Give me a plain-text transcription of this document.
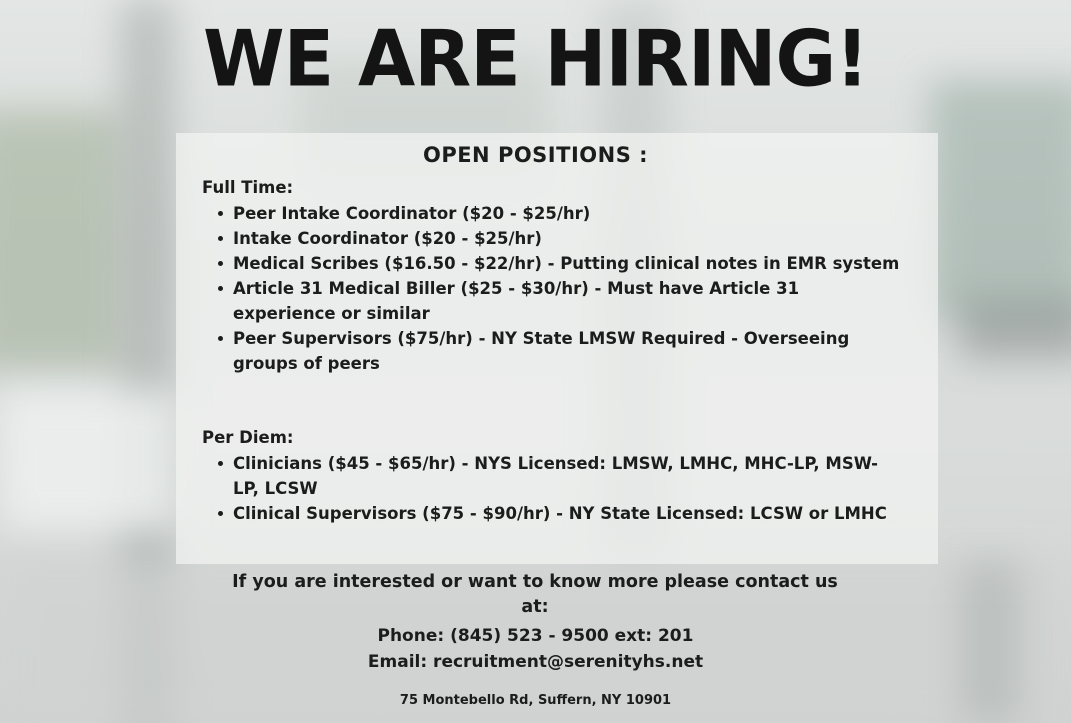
WE ARE HIRING!
OPEN POSITIONS :

Full Time:

Peer Intake Coordinator ($20 - $25/hr)
Intake Coordinator ($20 - $25/hr)
Medical Scribes ($16.50 - $22/hr) - Putting clinical notes in EMR system
Article 31 Medical Biller ($25 - $30/hr) - Must have Article 31 experience or similar
Peer Supervisors ($75/hr) - NY State LMSW Required - Overseeing groups of peers

Per Diem:

Clinicians ($45 - $65/hr) - NYS Licensed: LMSW, LMHC, MHC-LP, MSW-LP, LCSW
Clinical Supervisors ($75 - $90/hr) - NY State Licensed: LCSW or LMHC

If you are interested or want to know more please contact us at:

Phone: (845) 523 - 9500 ext: 201

Email: recruitment@serenityhs.net

75 Montebello Rd, Suffern, NY 10901
